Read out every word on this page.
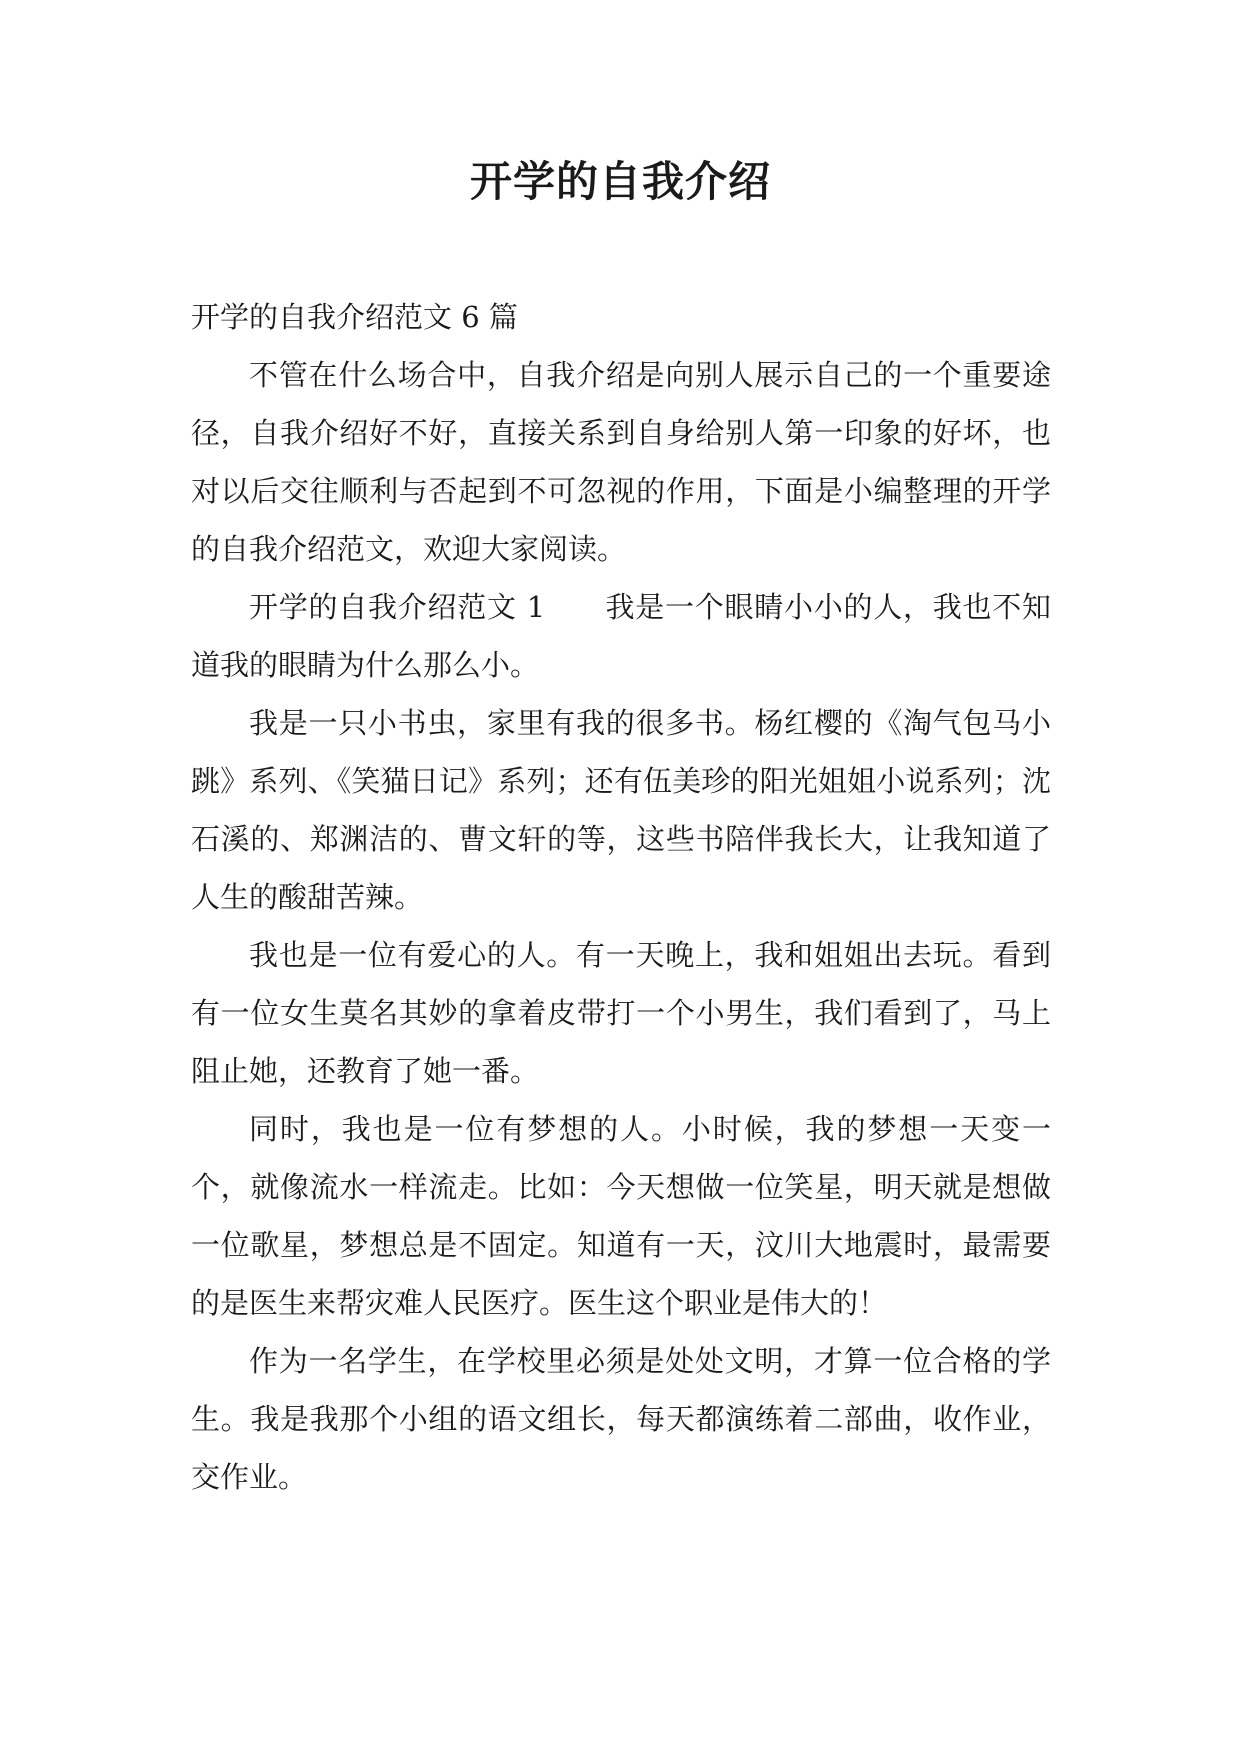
开学的自我介绍

开学的自我介绍范文 6 篇

不管在什么场合中，自我介绍是向别人展示自己的一个重要途径，自我介绍好不好，直接关系到自身给别人第一印象的好坏，也对以后交往顺利与否起到不可忽视的作用，下面是小编整理的开学的自我介绍范文，欢迎大家阅读。

开学的自我介绍范文 1　　我是一个眼睛小小的人，我也不知道我的眼睛为什么那么小。

我是一只小书虫，家里有我的很多书。杨红樱的《淘气包马小跳》系列、《笑猫日记》系列；还有伍美珍的阳光姐姐小说系列；沈石溪的、郑渊洁的、曹文轩的等，这些书陪伴我长大，让我知道了人生的酸甜苦辣。

我也是一位有爱心的人。有一天晚上，我和姐姐出去玩。看到有一位女生莫名其妙的拿着皮带打一个小男生，我们看到了，马上阻止她，还教育了她一番。

同时，我也是一位有梦想的人。小时候，我的梦想一天变一个，就像流水一样流走。比如：今天想做一位笑星，明天就是想做一位歌星，梦想总是不固定。知道有一天，汶川大地震时，最需要的是医生来帮灾难人民医疗。医生这个职业是伟大的！

作为一名学生，在学校里必须是处处文明，才算一位合格的学生。我是我那个小组的语文组长，每天都演练着二部曲，收作业，交作业。
